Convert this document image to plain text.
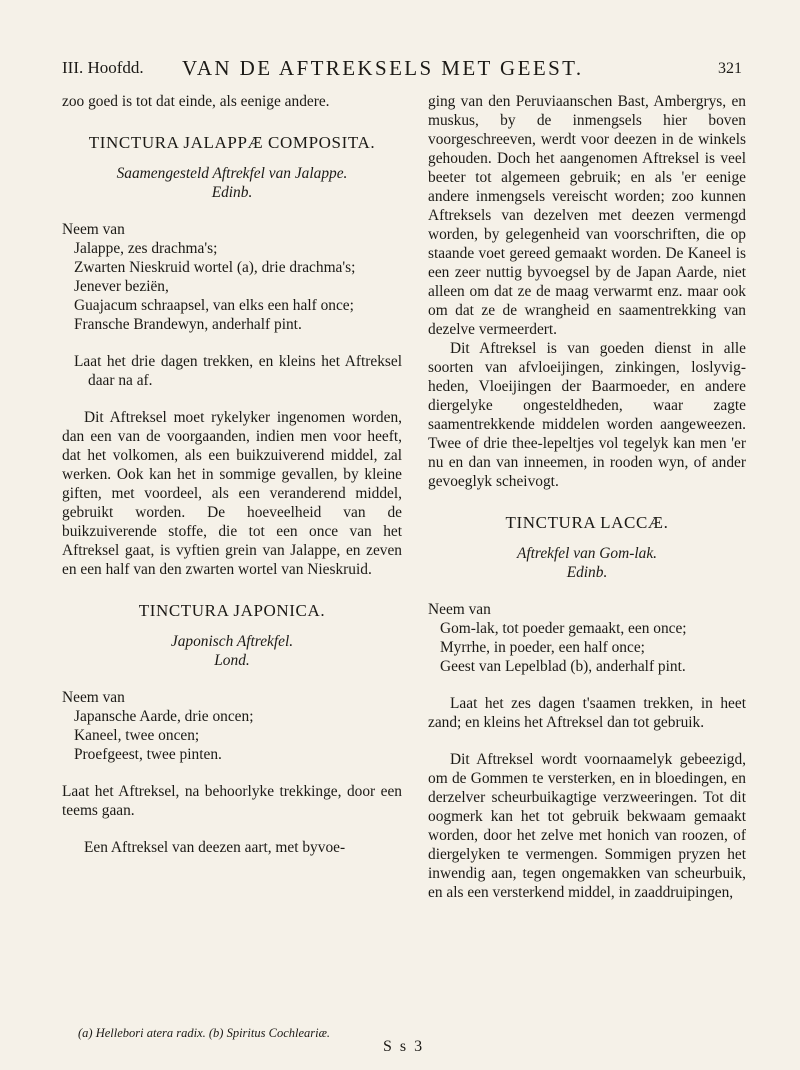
III. Hoofdd. VAN DE AFTREKSELS MET GEEST.	321

zoo goed is tot dat einde, als eenige andere.

TINCTURA JALAPPÆ COMPOSITA.

Saamengesteld Aftrekfel van Jalappe.

Edinb.

Neem van

Jalappe, zes drachma's;

Zwarten Nieskruid wortel (a), drie drachma's;

Jenever beziën,

Guajacum schraapsel, van elks een half once;

Fransche Brandewyn, anderhalf pint.

Laat het drie dagen trekken, en kleins het Aftreksel daar na af.

Dit Aftreksel moet rykelyker ingenomen worden, dan een van de voorgaanden, indien men voor heeft, dat het volkomen, als een buikzuiverend middel, zal werken. Ook kan het in sommige gevallen, by kleine giften, met voordeel, als een veranderend middel, gebruikt worden. De hoeveelheid van de buikzuiverende stoffe, die tot een once van het Aftreksel gaat, is vyftien grein van Jalappe, en zeven en een half van den zwarten wortel van Nieskruid.

TINCTURA JAPONICA.

Japonisch Aftrekfel.

Lond.

Neem van

Japansche Aarde, drie oncen;

Kaneel, twee oncen;

Proefgeest, twee pinten.

Laat het Aftreksel, na behoorlyke trekkinge, door een teems gaan.

Een Aftreksel van deezen aart, met byvoe-

ging van den Peruviaanschen Bast, Ambergrys, en muskus, by de inmengsels hier boven voorgeschreeven, werdt voor deezen in de winkels gehouden. Doch het aangenomen Aftreksel is veel beeter tot algemeen gebruik; en als 'er eenige andere inmengsels vereischt worden; zoo kunnen Aftreksels van dezelven met deezen vermengd worden, by gelegenheid van voorschriften, die op staande voet gereed gemaakt worden. De Kaneel is een zeer nuttig byvoegsel by de Japan Aarde, niet alleen om dat ze de maag verwarmt enz. maar ook om dat ze de wrangheid en saamentrekking van dezelve vermeerdert.

Dit Aftreksel is van goeden dienst in alle soorten van afvloeijingen, zinkingen, loslyvigheden, Vloeijingen der Baarmoeder, en andere diergelyke ongesteldheden, waar zagte saamentrekkende middelen worden aangeweezen. Twee of drie thee-lepeltjes vol tegelyk kan men 'er nu en dan van inneemen, in rooden wyn, of ander gevoeglyk scheivogt.

TINCTURA LACCÆ.

Aftrekfel van Gom-lak.

Edinb.

Neem van

Gom-lak, tot poeder gemaakt, een once;

Myrrhe, in poeder, een half once;

Geest van Lepelblad (b), anderhalf pint.

Laat het zes dagen t'saamen trekken, in heet zand; en kleins het Aftreksel dan tot gebruik.

Dit Aftreksel wordt voornaamelyk gebeezigd, om de Gommen te versterken, en in bloedingen, en derzelver scheurbuikagtige verzweeringen. Tot dit oogmerk kan het tot gebruik bekwaam gemaakt worden, door het zelve met honich van roozen, of diergelyken te vermengen. Sommigen pryzen het inwendig aan, tegen ongemakken van scheurbuik, en als een versterkend middel, in zaaddruipingen,

(a) Hellebori atera radix. (b) Spiritus Cochleariæ.
S s 3
